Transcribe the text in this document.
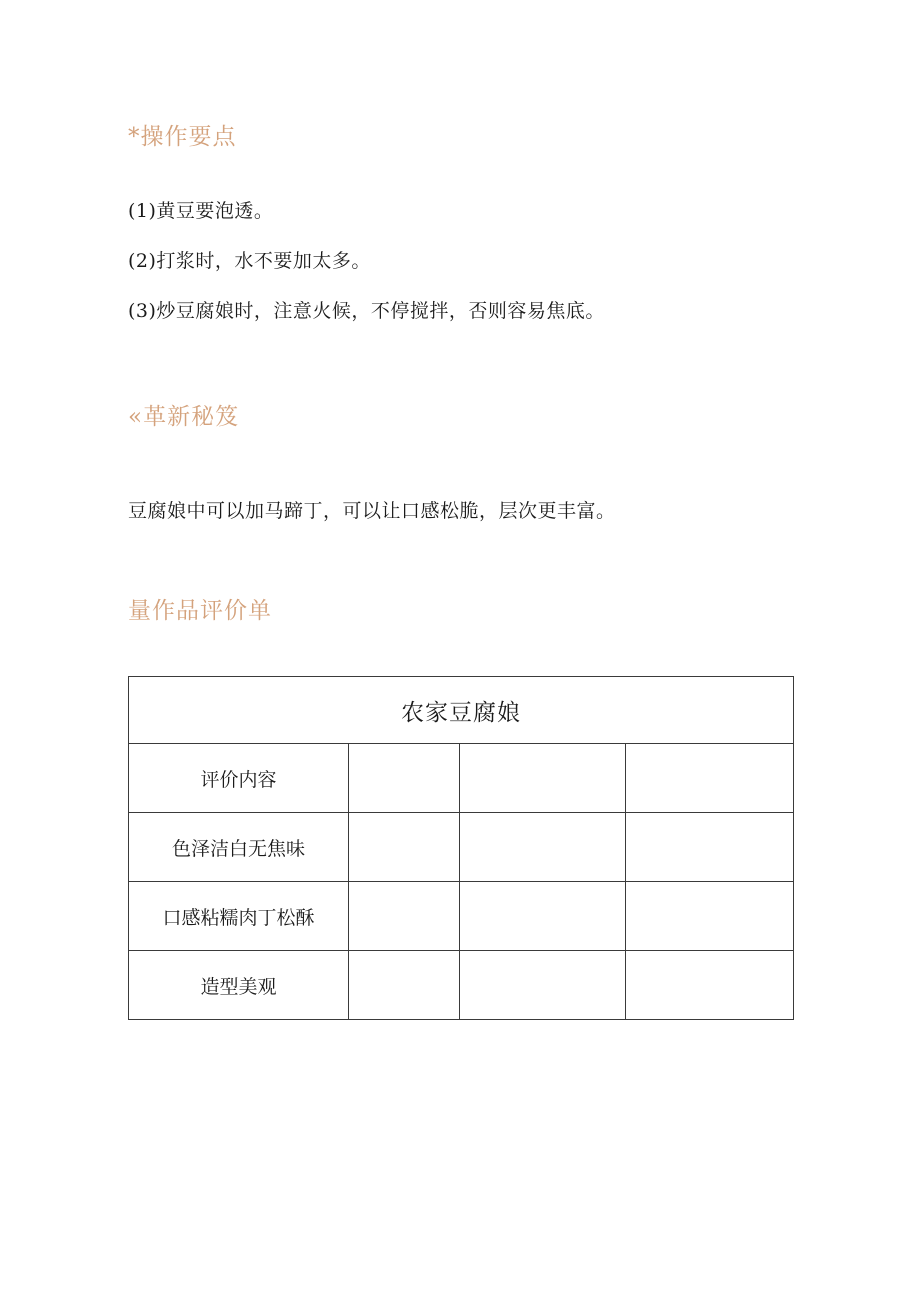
*操作要点
(1)黄豆要泡透。
(2)打浆时，水不要加太多。
(3)炒豆腐娘时，注意火候，不停搅拌，否则容易焦底。
«革新秘笈
豆腐娘中可以加马蹄丁，可以让口感松脆，层次更丰富。
量作品评价单
农家豆腐娘			
评价内容			
色泽洁白无焦味			
口感粘糯肉丁松酥			
造型美观			
